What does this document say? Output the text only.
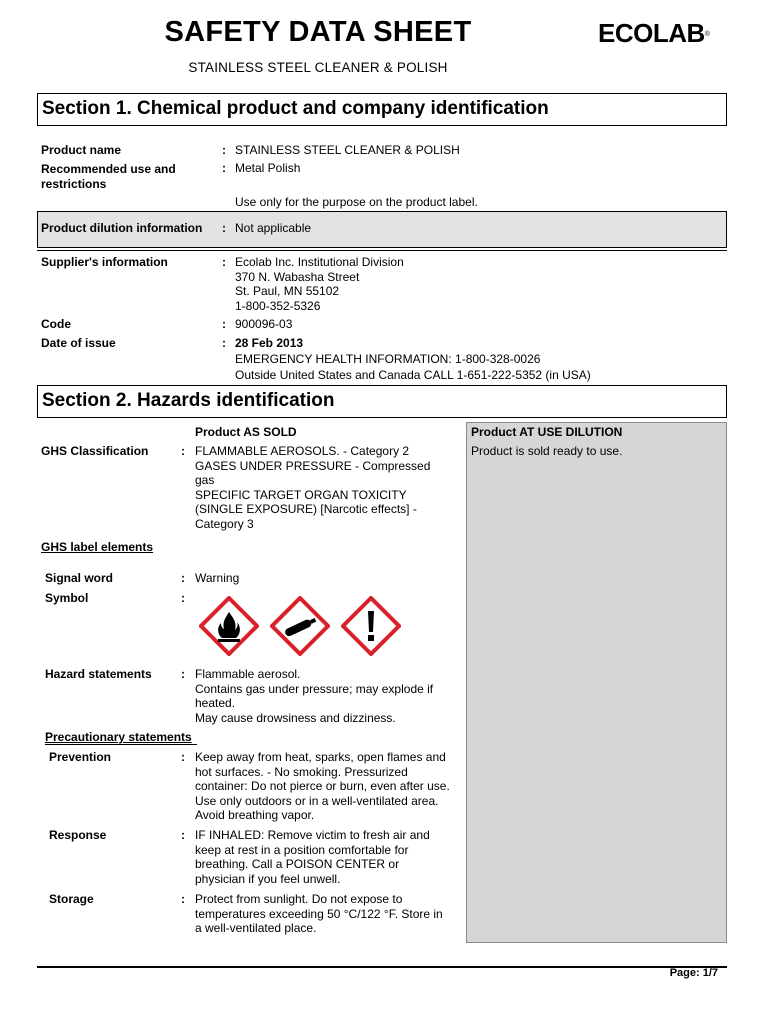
SAFETY DATA SHEET	ECOLAB®
STAINLESS STEEL CLEANER & POLISH
Section 1. Chemical product and company identification
Product name	: STAINLESS STEEL CLEANER & POLISH
Recommended use and
restrictions
: Metal Polish
Use only for the purpose on the product label.
Product dilution information : Not applicable
Supplier's information	: Ecolab Inc. Institutional Division
370 N. Wabasha Street
St. Paul, MN 55102
1-800-352-5326
Code	: 900096-03
Date of issue	: 28 Feb 2013
EMERGENCY HEALTH INFORMATION: 1-800-328-0026
Outside United States and Canada CALL 1-651-222-5352 (in USA)
Section 2. Hazards identification
Product AT USE DILUTION
Product is sold ready to use.
Product AS SOLD
GHS Classification	: FLAMMABLE AEROSOLS. - Category 2
GASES UNDER PRESSURE - Compressed
gas
SPECIFIC TARGET ORGAN TOXICITY
(SINGLE EXPOSURE) [Narcotic effects] -
Category 3
GHS label elements
Signal word	: Warning
Symbol	:
Hazard statements : Flammable aerosol.
Contains gas under pressure; may explode if
heated.
May cause drowsiness and dizziness.
Precautionary statements
Prevention	: Keep away from heat, sparks, open flames and
hot surfaces. - No smoking. Pressurized
container: Do not pierce or burn, even after use.
Use only outdoors or in a well-ventilated area.
Avoid breathing vapor.
Response	: IF INHALED: Remove victim to fresh air and
keep at rest in a position comfortable for
breathing. Call a POISON CENTER or
physician if you feel unwell.
Storage	: Protect from sunlight. Do not expose to
temperatures exceeding 50 °C/122 °F. Store in
a well-ventilated place.
Page: 1/7
